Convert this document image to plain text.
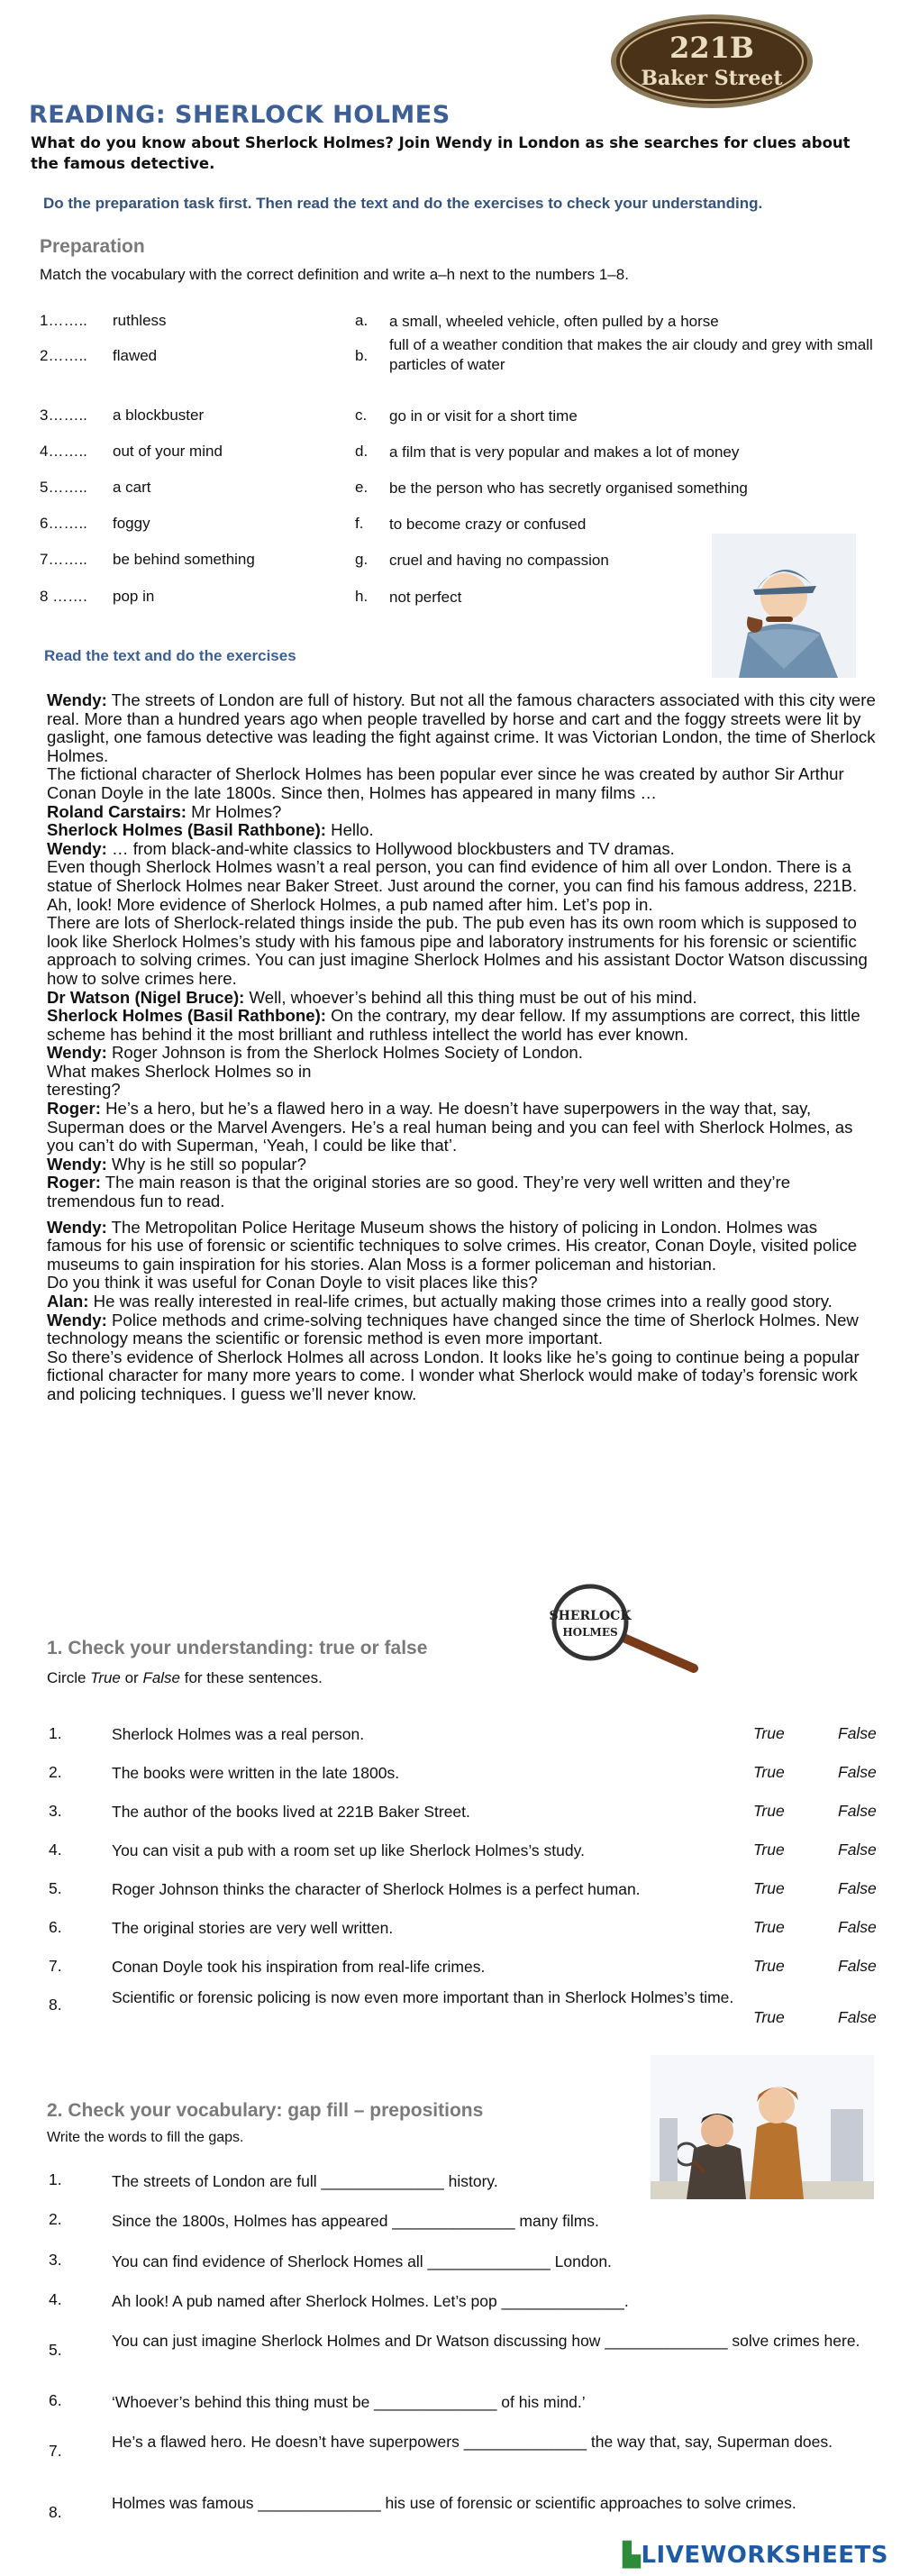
221B
Baker Street
READING: SHERLOCK HOLMES
What do you know about Sherlock Holmes? Join Wendy in London as she searches for clues about the famous detective.
Do the preparation task first. Then read the text and do the exercises to check your understanding.
Preparation
Match the vocabulary with the correct definition and write a–h next to the numbers 1–8.
1…….. ruthless	a. a small, wheeled vehicle, often pulled by a horse
2…….. flawed	b.
full of a weather condition that makes the air cloudy and grey with small particles of water
3…….. a blockbuster	c. go in or visit for a short time
4…….. out of your mind	d. a film that is very popular and makes a lot of money
5…….. a cart	e. be the person who has secretly organised something
6…….. foggy	f. to become crazy or confused
7…….. be behind something	g. cruel and having no compassion
8 ……. pop in	h. not perfect
Read the text and do the exercises

Wendy: The streets of London are full of history. But not all the famous characters associated with this city were real. More than a hundred years ago when people travelled by horse and cart and the foggy streets were lit by gaslight, one famous detective was leading the fight against crime. It was Victorian London, the time of Sherlock Holmes.

The fictional character of Sherlock Holmes has been popular ever since he was created by author Sir Arthur Conan Doyle in the late 1800s. Since then, Holmes has appeared in many films …

Roland Carstairs: Mr Holmes?

Sherlock Holmes (Basil Rathbone): Hello.

Wendy: … from black-and-white classics to Hollywood blockbusters and TV dramas.

Even though Sherlock Holmes wasn’t a real person, you can find evidence of him all over London. There is a statue of Sherlock Holmes near Baker Street. Just around the corner, you can find his famous address, 221B. Ah, look! More evidence of Sherlock Holmes, a pub named after him. Let’s pop in.

There are lots of Sherlock-related things inside the pub. The pub even has its own room which is supposed to look like Sherlock Holmes’s study with his famous pipe and laboratory instruments for his forensic or scientific approach to solving crimes. You can just imagine Sherlock Holmes and his assistant Doctor Watson discussing how to solve crimes here.

Dr Watson (Nigel Bruce): Well, whoever’s behind all this thing must be out of his mind.

Sherlock Holmes (Basil Rathbone): On the contrary, my dear fellow. If my assumptions are correct, this little scheme has behind it the most brilliant and ruthless intellect the world has ever known.

Wendy: Roger Johnson is from the Sherlock Holmes Society of London.

What makes Sherlock Holmes so in

teresting?

Roger: He’s a hero, but he’s a flawed hero in a way. He doesn’t have superpowers in the way that, say, Superman does or the Marvel Avengers. He’s a real human being and you can feel with Sherlock Holmes, as you can’t do with Superman, ‘Yeah, I could be like that’.

Wendy: Why is he still so popular?

Roger: The main reason is that the original stories are so good. They’re very well written and they’re tremendous fun to read.

Wendy: The Metropolitan Police Heritage Museum shows the history of policing in London. Holmes was famous for his use of forensic or scientific techniques to solve crimes. His creator, Conan Doyle, visited police museums to gain inspiration for his stories. Alan Moss is a former policeman and historian.

Do you think it was useful for Conan Doyle to visit places like this?

Alan: He was really interested in real-life crimes, but actually making those crimes into a really good story.

Wendy: Police methods and crime-solving techniques have changed since the time of Sherlock Holmes. New technology means the scientific or forensic method is even more important.

So there’s evidence of Sherlock Holmes all across London. It looks like he’s going to continue being a popular fictional character for many more years to come. I wonder what Sherlock would make of today’s forensic work and policing techniques. I guess we’ll never know.

SHERLOCK
HOLMES
1. Check your understanding: true or false
Circle True or False for these sentences.
1.	Sherlock Holmes was a real person.	True	False
2.	The books were written in the late 1800s.	True	False
3.	The author of the books lived at 221B Baker Street.	True	False
4.	You can visit a pub with a room set up like Sherlock Holmes’s study.	True	False
5.	Roger Johnson thinks the character of Sherlock Holmes is a perfect human.	True	False
6.	The original stories are very well written.	True	False
7.	Conan Doyle took his inspiration from real-life crimes.	True	False
8.	Scientific or forensic policing is now even more important than in Sherlock Holmes’s time.
True	False
2. Check your vocabulary: gap fill – prepositions
Write the words to fill the gaps.
1.	The streets of London are full ______________ history.
2.	Since the 1800s, Holmes has appeared ______________ many films.
3.	You can find evidence of Sherlock Homes all ______________ London.
4.	Ah look! A pub named after Sherlock Holmes. Let’s pop ______________.
5.	You can just imagine Sherlock Holmes and Dr Watson discussing how ______________ solve crimes here.
6.	‘Whoever’s behind this thing must be ______________ of his mind.’
7.	He’s a flawed hero. He doesn’t have superpowers ______________ the way that, say, Superman does.
8.	Holmes was famous ______________ his use of forensic or scientific approaches to solve crimes.
▙LIVEWORKSHEETS
